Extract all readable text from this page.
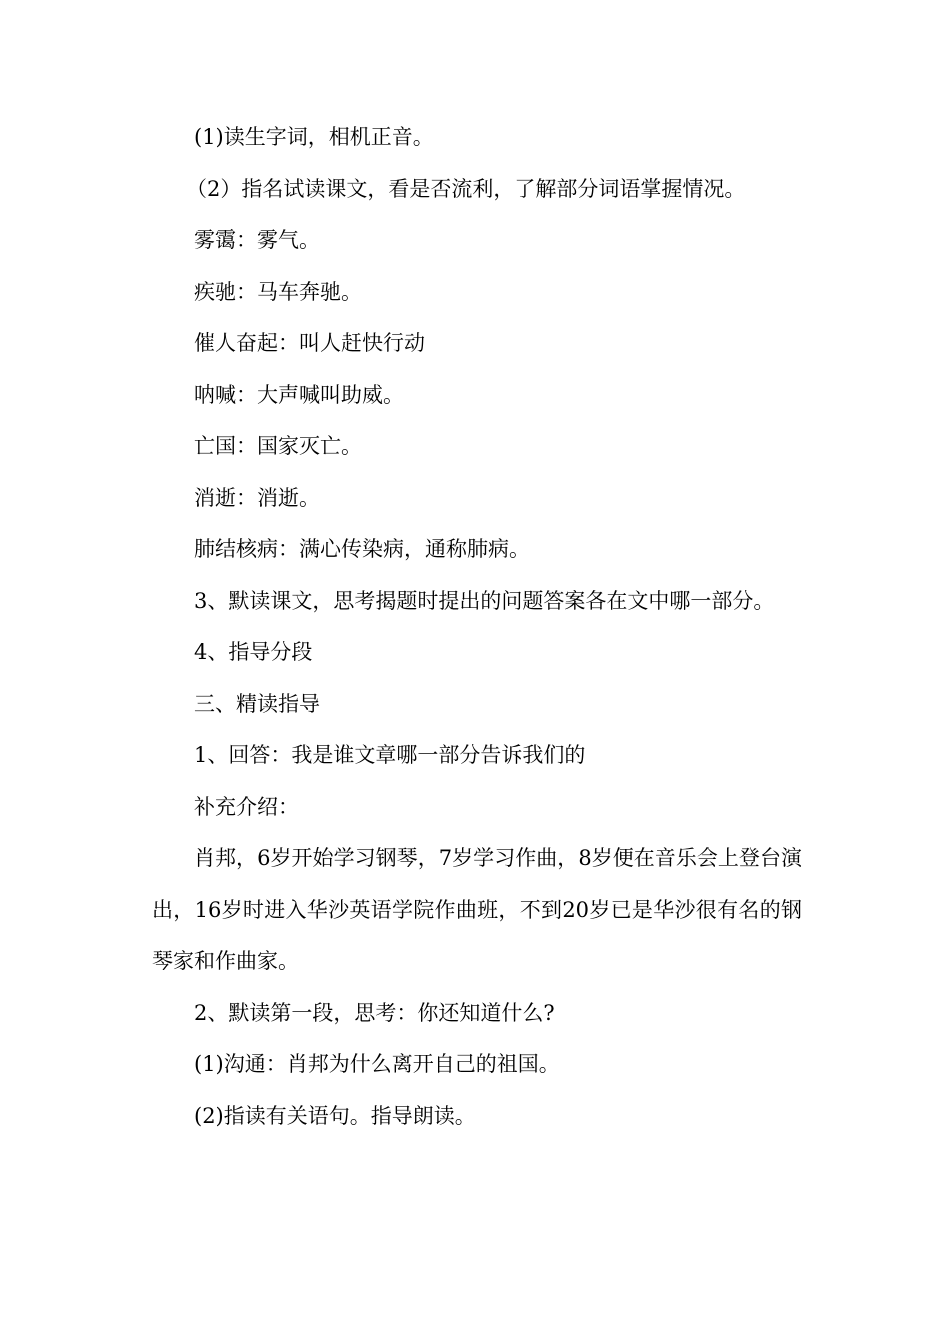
(1)读生字词，相机正音。

（2）指名试读课文，看是否流利，了解部分词语掌握情况。

雾霭：雾气。

疾驰：马车奔驰。

催人奋起：叫人赶快行动

呐喊：大声喊叫助威。

亡国：国家灭亡。

消逝：消逝。

肺结核病：满心传染病，通称肺病。

3、默读课文，思考揭题时提出的问题答案各在文中哪一部分。

4、指导分段

三、精读指导

1、回答：我是谁文章哪一部分告诉我们的

补充介绍：

肖邦，6岁开始学习钢琴，7岁学习作曲，8岁便在音乐会上登台演出，16岁时进入华沙英语学院作曲班，不到20岁已是华沙很有名的钢琴家和作曲家。

2、默读第一段，思考：你还知道什么?

(1)沟通：肖邦为什么离开自己的祖国。

(2)指读有关语句。指导朗读。
